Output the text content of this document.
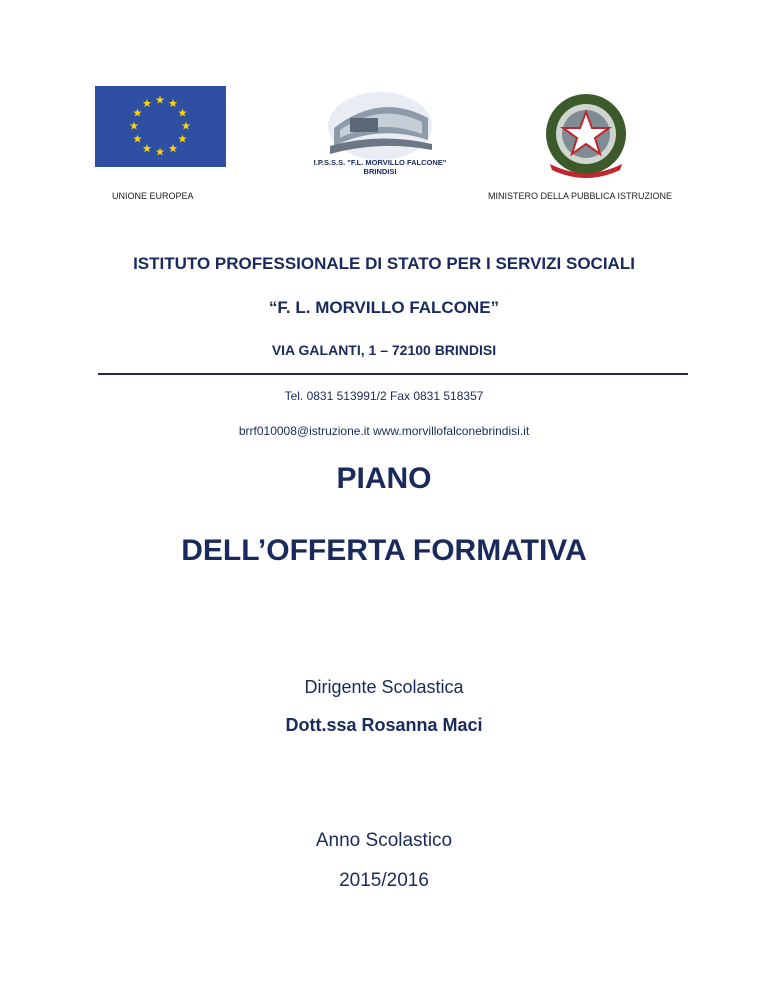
UNIONE EUROPEA
I.P.S.S.S. "F.L. MORVILLO FALCONE"
BRINDISI
MINISTERO DELLA PUBBLICA ISTRUZIONE
ISTITUTO PROFESSIONALE DI STATO PER I SERVIZI SOCIALI
“F. L. MORVILLO FALCONE”
VIA GALANTI, 1 – 72100 BRINDISI
Tel. 0831 513991/2 Fax 0831 518357
brrf010008@istruzione.it www.morvillofalconebrindisi.it
PIANO
DELL’OFFERTA FORMATIVA
Dirigente Scolastica
Dott.ssa Rosanna Maci
Anno Scolastico
2015/2016
